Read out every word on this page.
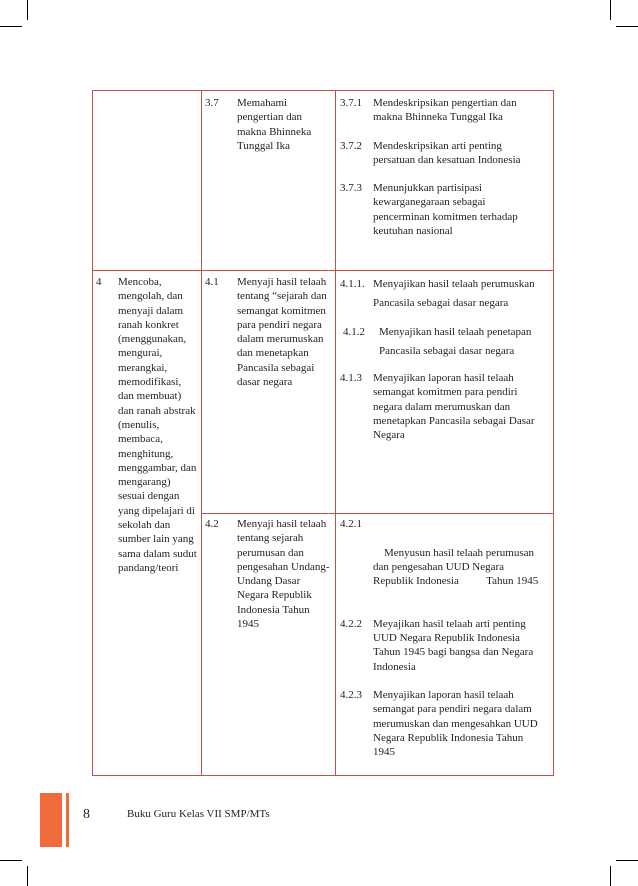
3.7 Memahami pengertian dan makna Bhinneka Tunggal Ika
3.7.1 Mendeskripsikan pengertian dan makna Bhinneka Tunggal Ika
3.7.2 Mendeskripsikan arti penting persatuan dan kesatuan Indonesia
3.7.3 Menunjukkan partisipasi kewarganegaraan sebagai pencerminan komitmen terhadap keutuhan nasional
4 Mencoba, mengolah, dan menyaji dalam ranah konkret (menggunakan, mengurai, merangkai, memodifikasi, dan membuat) dan ranah abstrak (menulis, membaca, menghitung, menggambar, dan mengarang) sesuai dengan yang dipelajari di sekolah dan sumber lain yang sama dalam sudut pandang/teori
4.1 Menyaji hasil telaah tentang “sejarah dan semangat komitmen para pendiri negara dalam merumuskan dan menetapkan Pancasila sebagai dasar negara
4.1.1. Menyajikan hasil telaah perumuskan Pancasila sebagai dasar negara
4.1.2 Menyajikan hasil telaah penetapan Pancasila sebagai dasar negara
4.1.3 Menyajikan laporan hasil telaah semangat komitmen para pendiri negara dalam merumuskan dan menetapkan Pancasila sebagai Dasar Negara
4.2 Menyaji hasil telaah tentang sejarah perumusan dan pengesahan Undang- Undang Dasar Negara Republik Indonesia Tahun 1945

4.2.1

Menyusun hasil telaah perumusan dan pengesahan UUD Negara Republik Indonesia          Tahun 1945

4.2.2 Meyajikan hasil telaah arti penting UUD Negara Republik Indonesia Tahun 1945 bagi bangsa dan Negara Indonesia
4.2.3 Menyajikan laporan hasil telaah semangat para pendiri negara dalam merumuskan dan mengesahkan UUD Negara Republik Indonesia Tahun 1945
8	Buku Guru Kelas VII SMP/MTs
